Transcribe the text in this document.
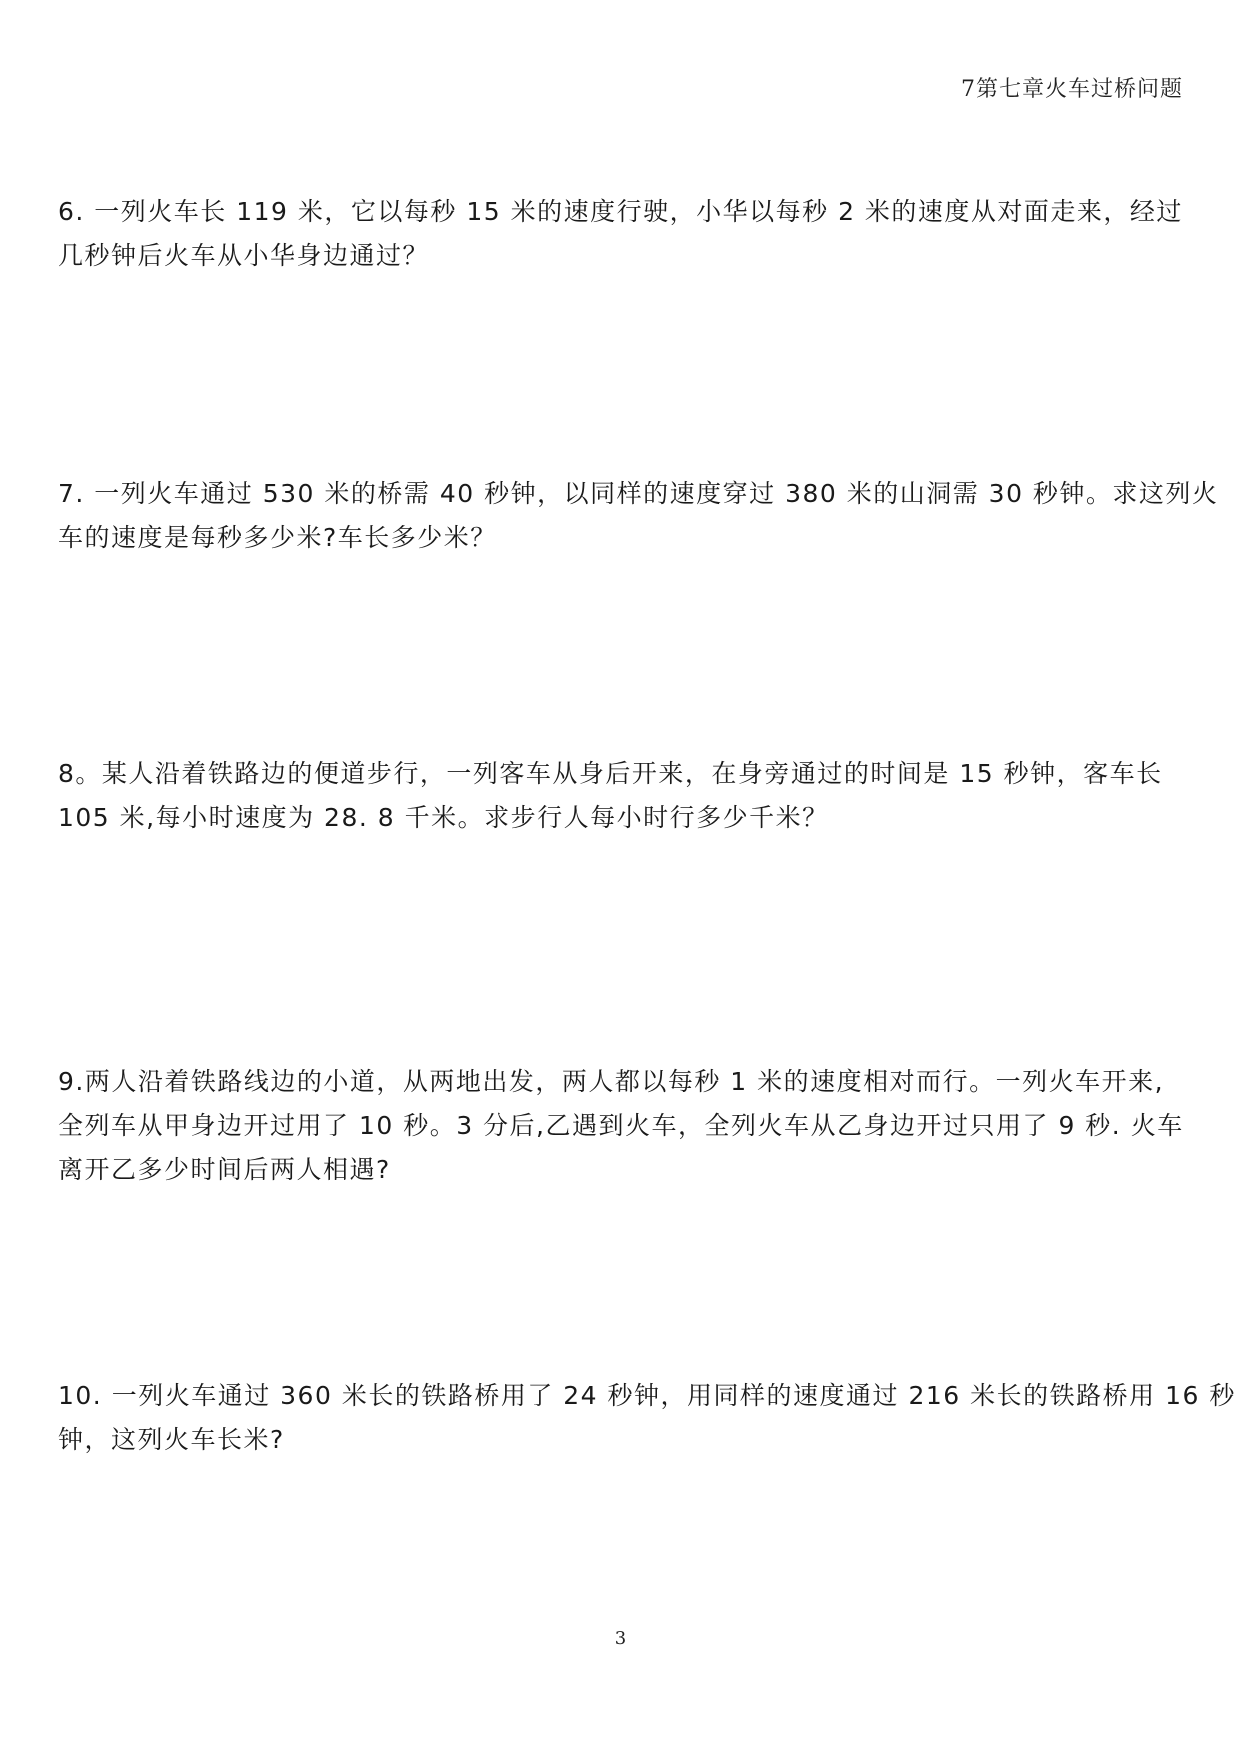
7第七章火车过桥问题

6. 一列火车长 119 米，它以每秒 15 米的速度行驶，小华以每秒 2 米的速度从对面走来，经过

几秒钟后火车从小华身边通过？

7. 一列火车通过 530 米的桥需 40 秒钟，以同样的速度穿过 380 米的山洞需 30 秒钟。求这列火

车的速度是每秒多少米?车长多少米？

8。某人沿着铁路边的便道步行，一列客车从身后开来，在身旁通过的时间是 15 秒钟，客车长

105 米,每小时速度为 28. 8 千米。求步行人每小时行多少千米？

9.两人沿着铁路线边的小道，从两地出发，两人都以每秒 1 米的速度相对而行。一列火车开来,

全列车从甲身边开过用了 10 秒。3 分后,乙遇到火车，全列火车从乙身边开过只用了 9 秒. 火车

离开乙多少时间后两人相遇?

10. 一列火车通过 360 米长的铁路桥用了 24 秒钟，用同样的速度通过 216 米长的铁路桥用 16 秒

钟，这列火车长米?

3
